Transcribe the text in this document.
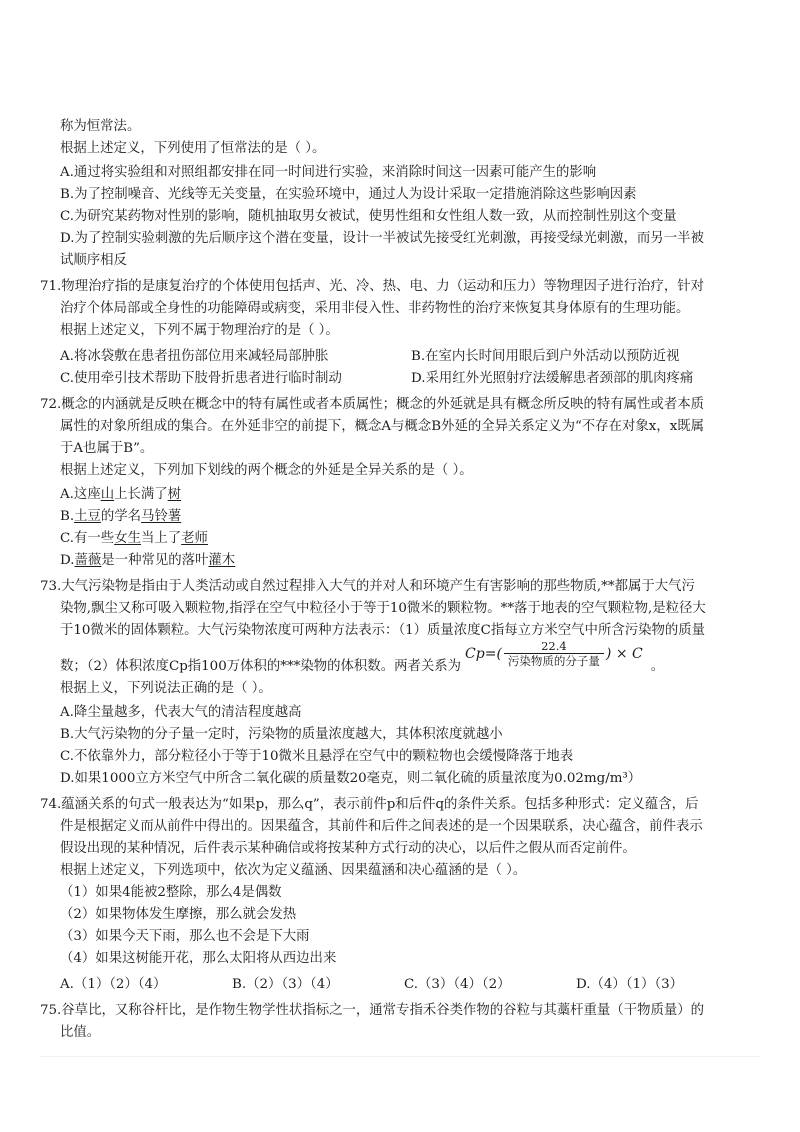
称为恒常法。
根据上述定义，下列使用了恒常法的是（ ）。
A.通过将实验组和对照组都安排在同一时间进行实验，来消除时间这一因素可能产生的影响
B.为了控制噪音、光线等无关变量，在实验环境中，通过人为设计采取一定措施消除这些影响因素
C.为研究某药物对性别的影响，随机抽取男女被试，使男性组和女性组人数一致，从而控制性别这个变量
D.为了控制实验刺激的先后顺序这个潜在变量，设计一半被试先接受红光刺激，再接受绿光刺激，而另一半被
试顺序相反
71.物理治疗指的是康复治疗的个体使用包括声、光、冷、热、电、力（运动和压力）等物理因子进行治疗，针对
治疗个体局部或全身性的功能障碍或病变，采用非侵入性、非药物性的治疗来恢复其身体原有的生理功能。
根据上述定义，下列不属于物理治疗的是（ ）。
A.将冰袋敷在患者扭伤部位用来减轻局部肿胀	B.在室内长时间用眼后到户外活动以预防近视
C.使用牵引技术帮助下肢骨折患者进行临时制动	D.采用红外光照射疗法缓解患者颈部的肌肉疼痛
72.概念的内涵就是反映在概念中的特有属性或者本质属性；概念的外延就是具有概念所反映的特有属性或者本质
属性的对象所组成的集合。在外延非空的前提下，概念A与概念B外延的全异关系定义为“不存在对象x，x既属
于A也属于B”。
根据上述定义，下列加下划线的两个概念的外延是全异关系的是（ ）。
A.这座山上长满了树
B.土豆的学名马铃薯
C.有一些女生当上了老师
D.蔷薇是一种常见的落叶灌木
73.大气污染物是指由于人类活动或自然过程排入大气的并对人和环境产生有害影响的那些物质,**都属于大气污
染物,飘尘又称可吸入颗粒物,指浮在空气中粒径小于等于10微米的颗粒物。**落于地表的空气颗粒物,是粒径大
于10微米的固体颗粒。大气污染物浓度可两种方法表示：（1）质量浓度C指每立方米空气中所含污染物的质量
数；（2）体积浓度Cp指100万体积的***染物的体积数。两者关系为
$Cp=( \frac{22.4}{\text{污染物质的分子量}}$ ) × C
。
根据上义，下列说法正确的是（ ）。
A.降尘量越多，代表大气的清洁程度越高
B.大气污染物的分子量一定时，污染物的质量浓度越大，其体积浓度就越小
C.不依靠外力，部分粒径小于等于10微米且悬浮在空气中的颗粒物也会缓慢降落于地表
D.如果1000立方米空气中所含二氧化碳的质量数20毫克，则二氧化硫的质量浓度为0.02mg/m³）
74.蕴涵关系的句式一般表达为“如果p，那么q”，表示前件p和后件q的条件关系。包括多种形式：定义蕴含，后
件是根据定义而从前件中得出的。因果蕴含，其前件和后件之间表述的是一个因果联系，决心蕴含，前件表示
假设出现的某种情况，后件表示某种确信或将按某种方式行动的决心，以后件之假从而否定前件。
根据上述定义，下列选项中，依次为定义蕴涵、因果蕴涵和决心蕴涵的是（ ）。
（1）如果4能被2整除，那么4是偶数
（2）如果物体发生摩擦，那么就会发热
（3）如果今天下雨，那么也不会是下大雨
（4）如果这树能开花，那么太阳将从西边出来
A.（1）（2）（4）	B.（2）（3）（4）	C.（3）（4）（2）	D.（4）（1）（3）
75.谷草比，又称谷杆比，是作物生物学性状指标之一，通常专指禾谷类作物的谷粒与其藁杆重量（干物质量）的
比值。
